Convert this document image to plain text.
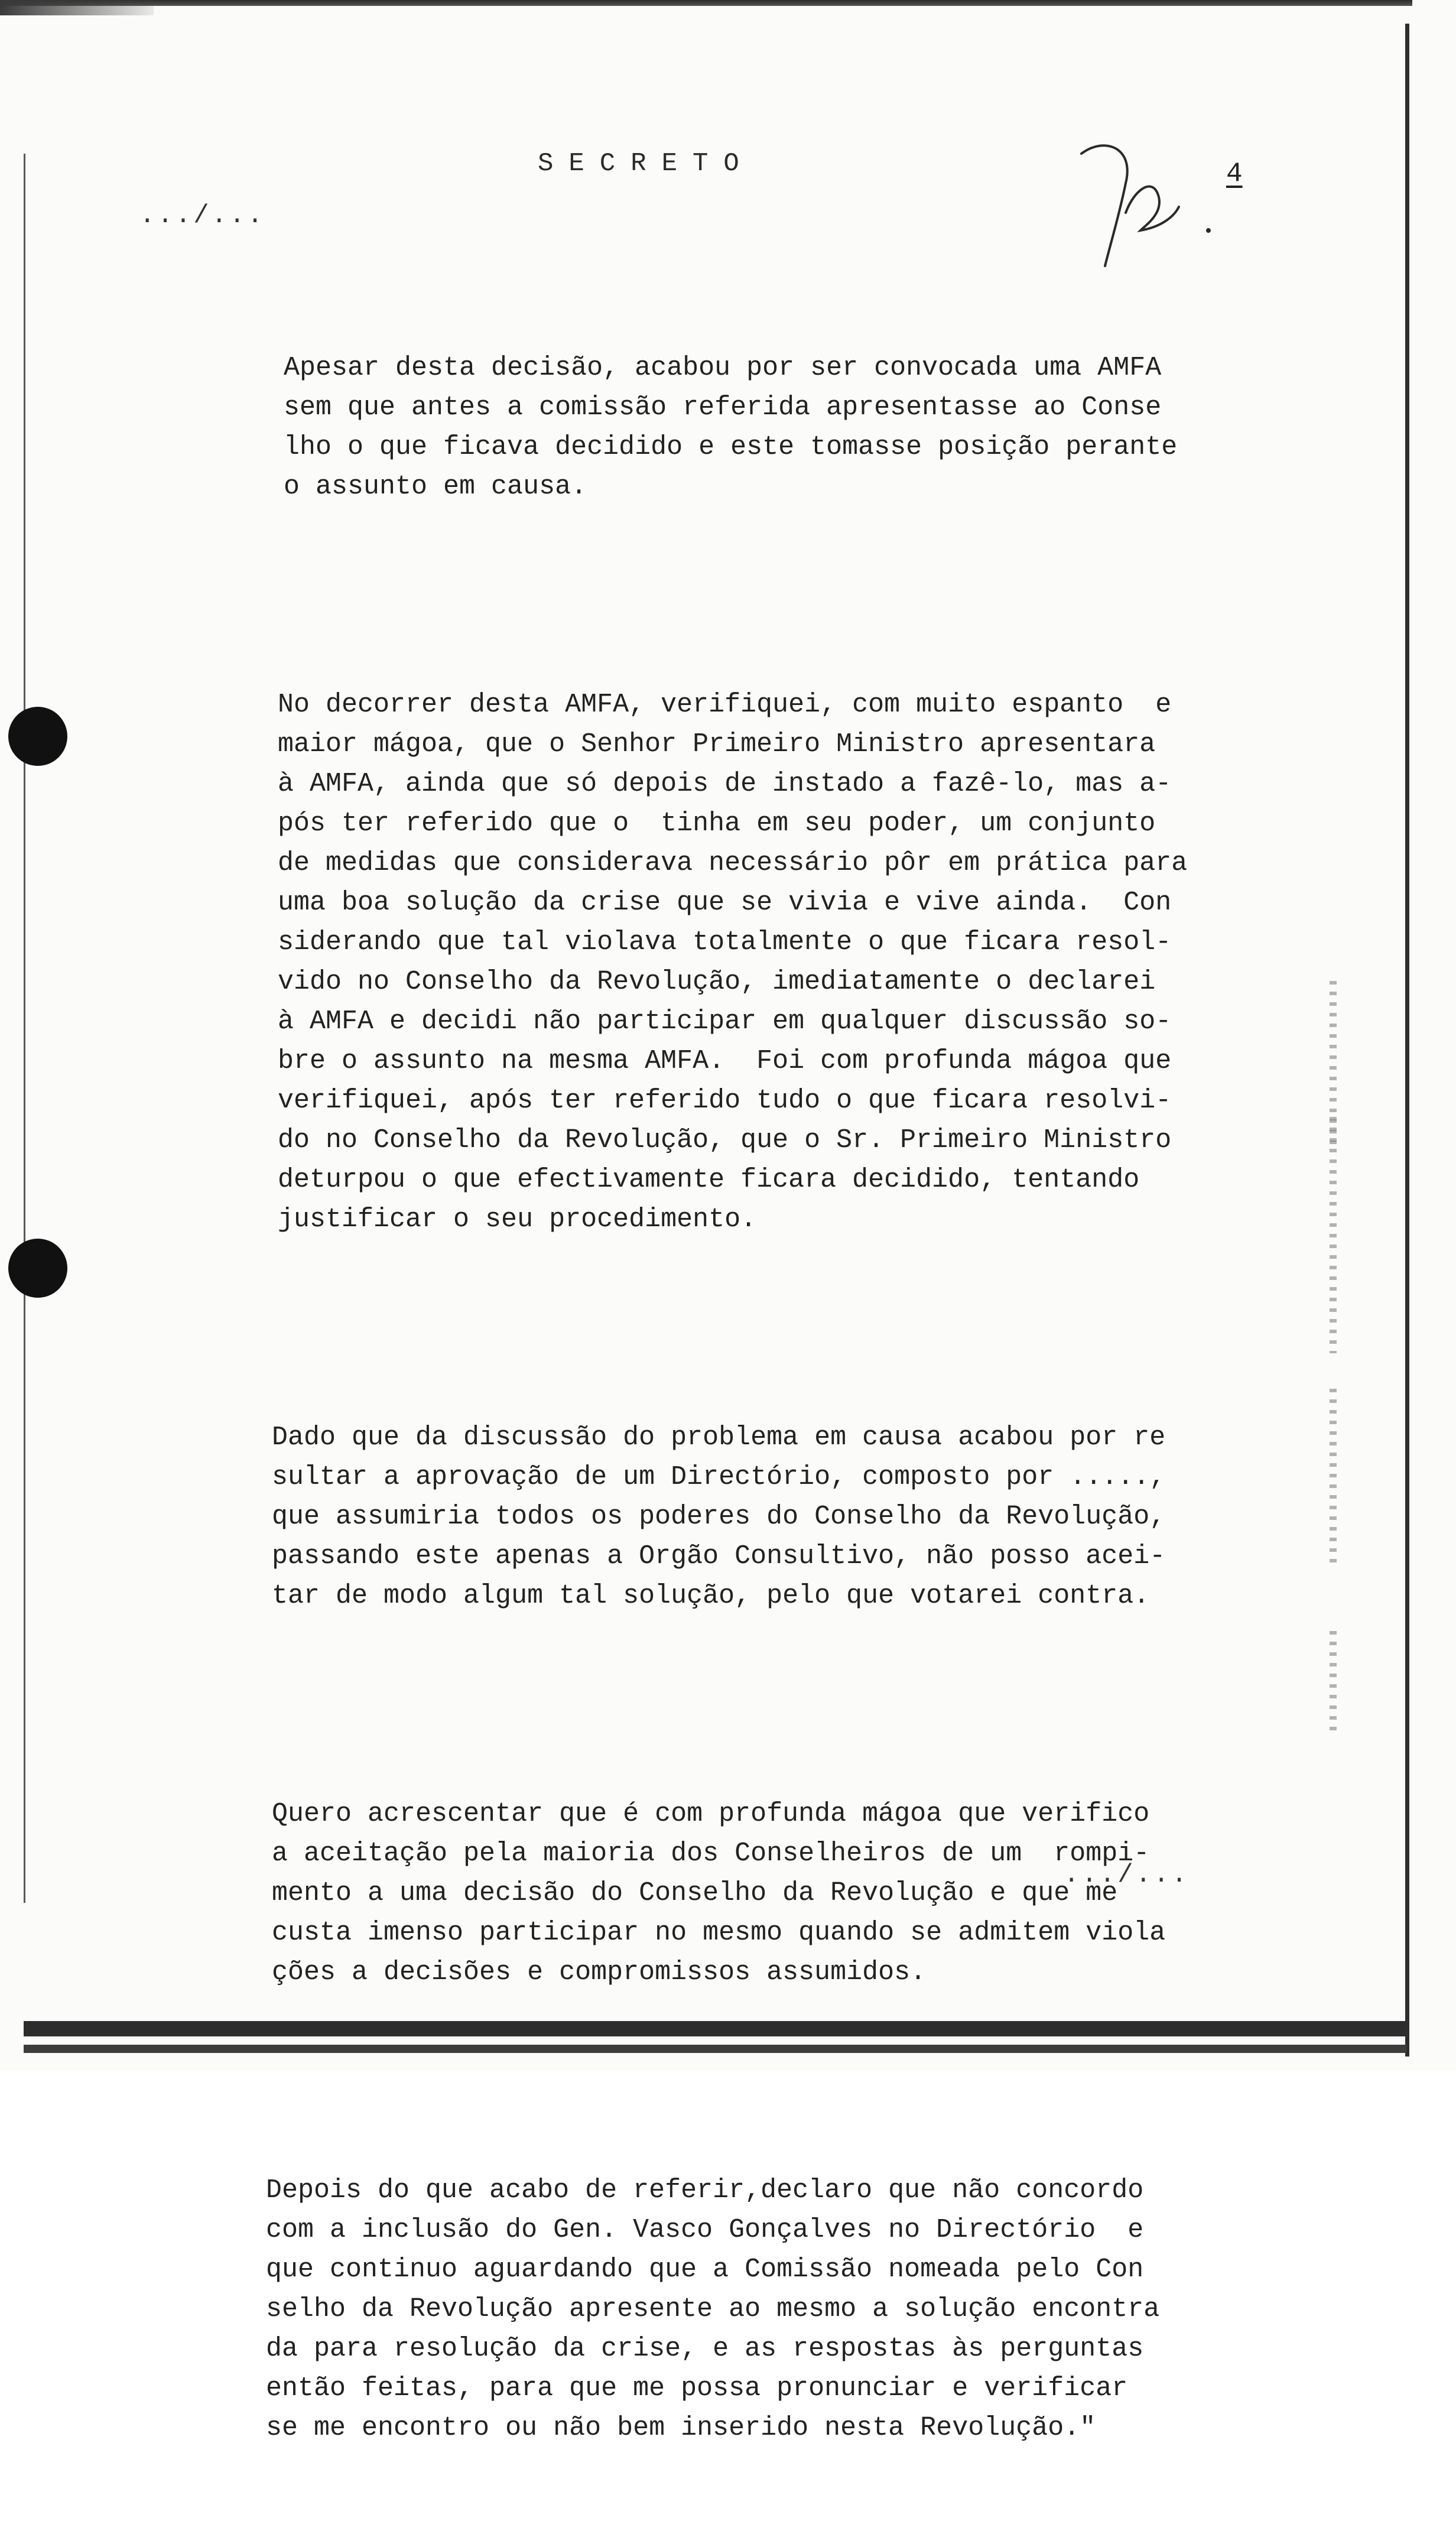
.../...
SECRETO	4

Apesar desta decisão, acabou por ser convocada uma AMFA
sem que antes a comissão referida apresentasse ao Conse
lho o que ficava decidido e este tomasse posição perante
o assunto em causa.

No decorrer desta AMFA, verifiquei, com muito espanto  e
maior mágoa, que o Senhor Primeiro Ministro apresentara
à AMFA, ainda que só depois de instado a fazê-lo, mas a-
pós ter referido que o  tinha em seu poder, um conjunto
de medidas que considerava necessário pôr em prática para
uma boa solução da crise que se vivia e vive ainda.  Con
siderando que tal violava totalmente o que ficara resol-
vido no Conselho da Revolução, imediatamente o declarei
à AMFA e decidi não participar em qualquer discussão so-
bre o assunto na mesma AMFA.  Foi com profunda mágoa que
verifiquei, após ter referido tudo o que ficara resolvi-
do no Conselho da Revolução, que o Sr. Primeiro Ministro
deturpou o que efectivamente ficara decidido, tentando
justificar o seu procedimento.

Dado que da discussão do problema em causa acabou por re
sultar a aprovação de um Directório, composto por .....,
que assumiria todos os poderes do Conselho da Revolução,
passando este apenas a Orgão Consultivo, não posso acei-
tar de modo algum tal solução, pelo que votarei contra.

Quero acrescentar que é com profunda mágoa que verifico
a aceitação pela maioria dos Conselheiros de um  rompi-
mento a uma decisão do Conselho da Revolução e que me
custa imenso participar no mesmo quando se admitem viola
ções a decisões e compromissos assumidos.

Depois do que acabo de referir,declaro que não concordo
com a inclusão do Gen. Vasco Gonçalves no Directório  e
que continuo aguardando que a Comissão nomeada pelo Con
selho da Revolução apresente ao mesmo a solução encontra
da para resolução da crise, e as respostas às perguntas
então feitas, para que me possa pronunciar e verificar
se me encontro ou não bem inserido nesta Revolução."

.../...
